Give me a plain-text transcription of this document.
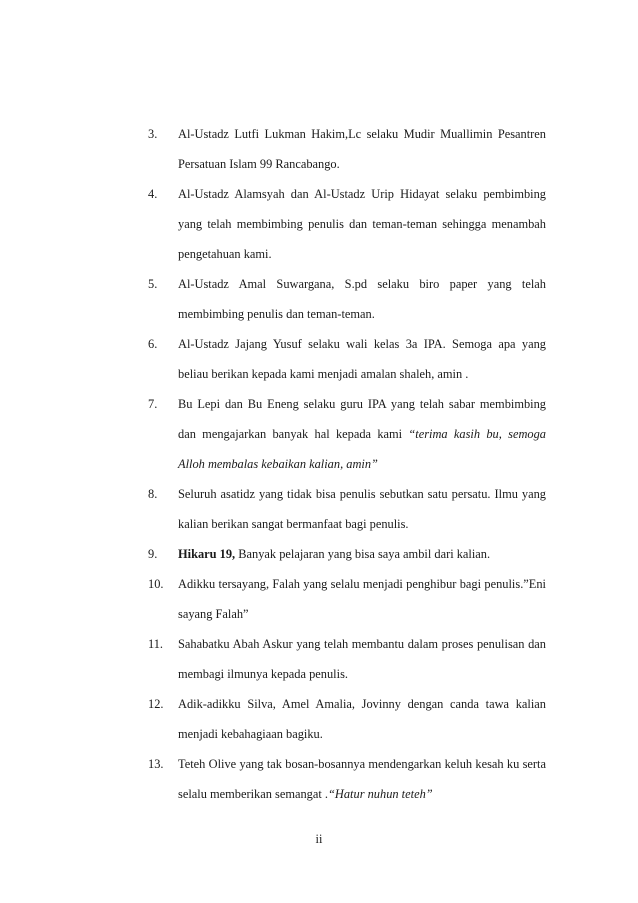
3. Al-Ustadz Lutfi Lukman Hakim,Lc selaku Mudir Muallimin Pesantren Persatuan Islam 99 Rancabango.
4. Al-Ustadz Alamsyah dan Al-Ustadz Urip Hidayat selaku pembimbing yang telah membimbing penulis dan teman-teman sehingga menambah pengetahuan kami.
5. Al-Ustadz Amal Suwargana, S.pd selaku biro paper yang telah membimbing penulis dan teman-teman.
6. Al-Ustadz Jajang Yusuf selaku wali kelas 3a IPA. Semoga apa yang beliau berikan kepada kami menjadi amalan shaleh, amin .
7. Bu Lepi dan Bu Eneng selaku guru IPA yang telah sabar membimbing dan mengajarkan banyak hal kepada kami “terima kasih bu, semoga Alloh membalas kebaikan kalian, amin”
8. Seluruh asatidz yang tidak bisa penulis sebutkan satu persatu. Ilmu yang kalian berikan sangat bermanfaat bagi penulis.
9. Hikaru 19, Banyak pelajaran yang bisa saya ambil dari kalian.
10. Adikku tersayang, Falah yang selalu menjadi penghibur bagi penulis.”Eni sayang Falah”
11. Sahabatku Abah Askur yang telah membantu dalam proses penulisan dan membagi ilmunya kepada penulis.
12. Adik-adikku Silva, Amel Amalia, Jovinny dengan canda tawa kalian menjadi kebahagiaan bagiku.
13. Teteh Olive yang tak bosan-bosannya mendengarkan keluh kesah ku serta selalu memberikan semangat .“Hatur nuhun teteh”
ii
